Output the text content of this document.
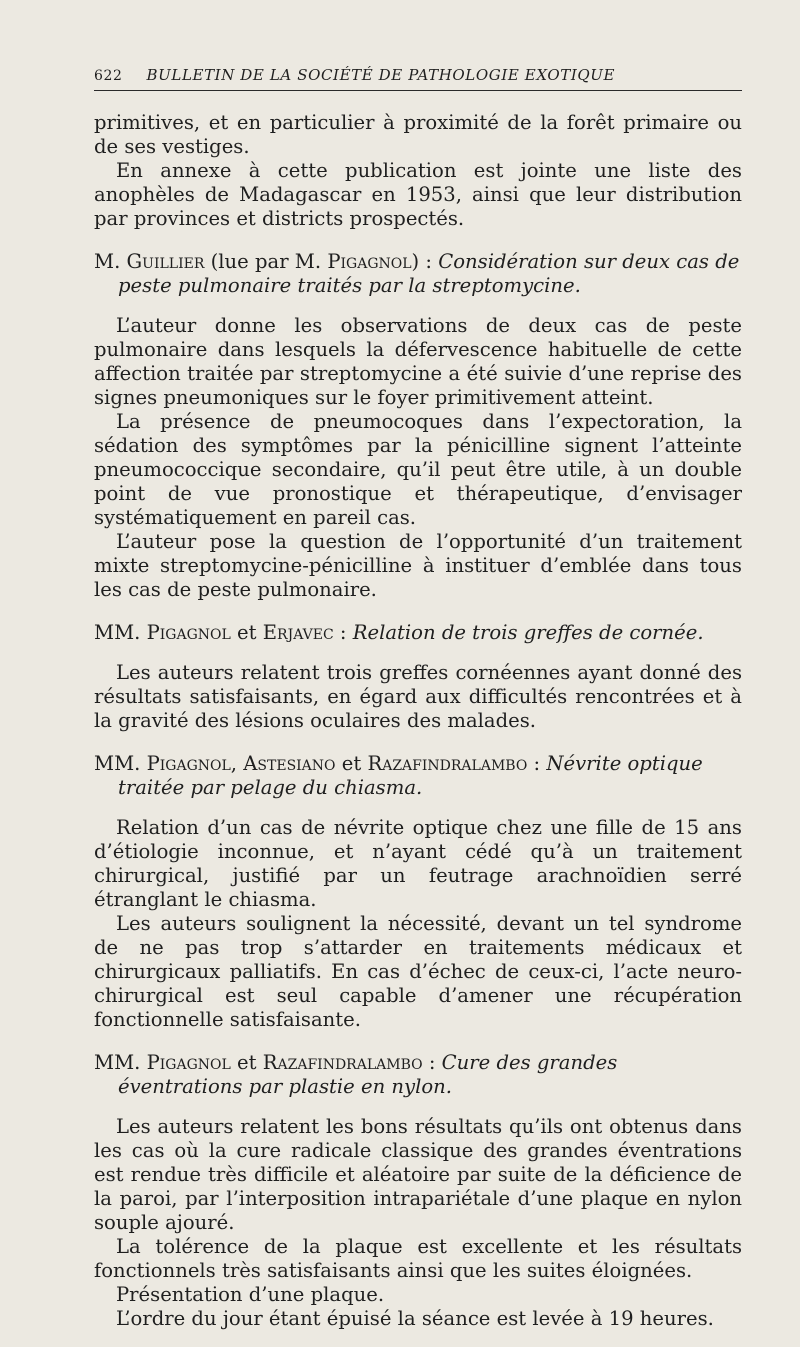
622 BULLETIN DE LA SOCIÉTÉ DE PATHOLOGIE EXOTIQUE

primitives, et en particulier à proximité de la forêt primaire ou de ses vestiges.

En annexe à cette publication est jointe une liste des anophèles de Madagascar en 1953, ainsi que leur distribution par provinces et districts prospectés.

M. Guillier (lue par M. Pigagnol) : Considération sur deux cas de peste pulmonaire traités par la streptomycine.

L’auteur donne les observations de deux cas de peste pulmonaire dans lesquels la défervescence habituelle de cette affection traitée par streptomycine a été suivie d’une reprise des signes pneumoniques sur le foyer primitivement atteint.

La présence de pneumocoques dans l’expectoration, la sédation des symptômes par la pénicilline signent l’atteinte pneumococcique secondaire, qu’il peut être utile, à un double point de vue pronostique et thérapeutique, d’envisager systématiquement en pareil cas.

L’auteur pose la question de l’opportunité d’un traitement mixte streptomycine-pénicilline à instituer d’emblée dans tous les cas de peste pulmonaire.

MM. Pigagnol et Erjavec : Relation de trois greffes de cornée.

Les auteurs relatent trois greffes cornéennes ayant donné des résultats satisfaisants, en égard aux difficultés rencontrées et à la gravité des lésions oculaires des malades.

MM. Pigagnol, Astesiano et Razafindralambo : Névrite optique traitée par pelage du chiasma.

Relation d’un cas de névrite optique chez une fille de 15 ans d’étiologie inconnue, et n’ayant cédé qu’à un traitement chirurgical, justifié par un feutrage arachnoïdien serré étranglant le chiasma.

Les auteurs soulignent la nécessité, devant un tel syndrome de ne pas trop s’attarder en traitements médicaux et chirurgicaux palliatifs. En cas d’échec de ceux-ci, l’acte neuro-chirurgical est seul capable d’amener une récupération fonctionnelle satisfaisante.

MM. Pigagnol et Razafindralambo : Cure des grandes éventrations par plastie en nylon.

Les auteurs relatent les bons résultats qu’ils ont obtenus dans les cas où la cure radicale classique des grandes éventrations est rendue très difficile et aléatoire par suite de la déficience de la paroi, par l’interposition intrapariétale d’une plaque en nylon souple ajouré.

La tolérence de la plaque est excellente et les résultats fonctionnels très satisfaisants ainsi que les suites éloignées.

Présentation d’une plaque.

L’ordre du jour étant épuisé la séance est levée à 19 heures.
